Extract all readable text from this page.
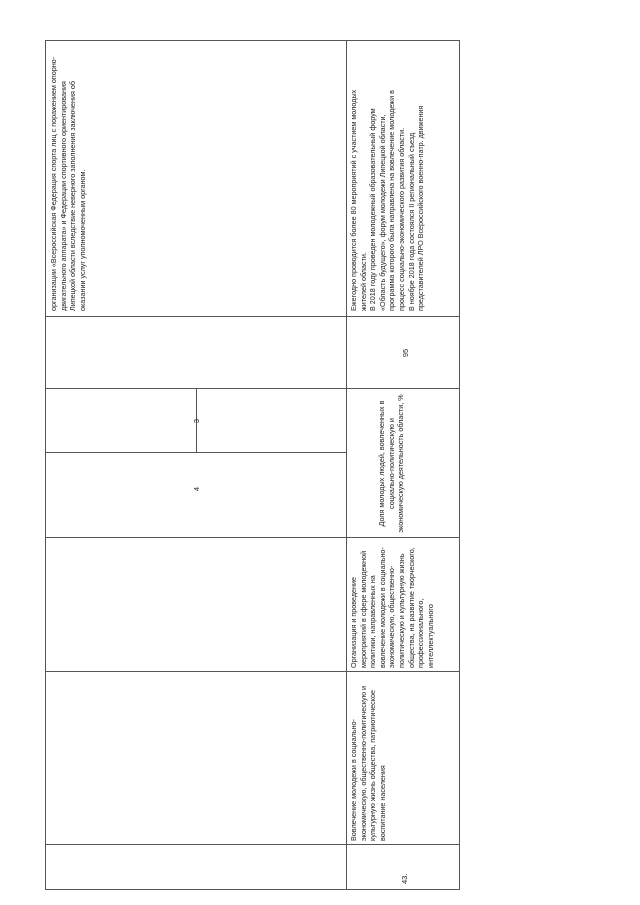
3
4
организации «Всероссийская Федерация спорта лиц с поражением опорно-двигательного аппарата» и Федерации спортивного ориентирования Липецкой области вследствие неверного заполнения заключения об оказании услуг уполномоченным органом.
43.
Вовлечение молодежи в социально-экономическую, общественно-политическую и культурную жизнь общества, патриотическое воспитание населения
Организация и проведение мероприятий в сфере молодежной политики, направленных на вовлечение молодежи в социально-экономическую, общественно-политическую и культурную жизнь общества, на развитие творческого, профессионального, интеллектуального
Доля молодых людей, вовлеченных в социально-политическую и экономическую деятельность области, %
95
Ежегодно проводится более 80 мероприятий с участием молодых жителей области. В 2018 году проведен молодежный образовательный форум «Область будущего», форум молодежи Липецкой области, программа которого была направлена на вовлечение молодежи в процесс социально-экономического развития области. В ноябре 2018 года состоялся II региональный съезд представителей ЛРО Всероссийского военно-патр. движения
